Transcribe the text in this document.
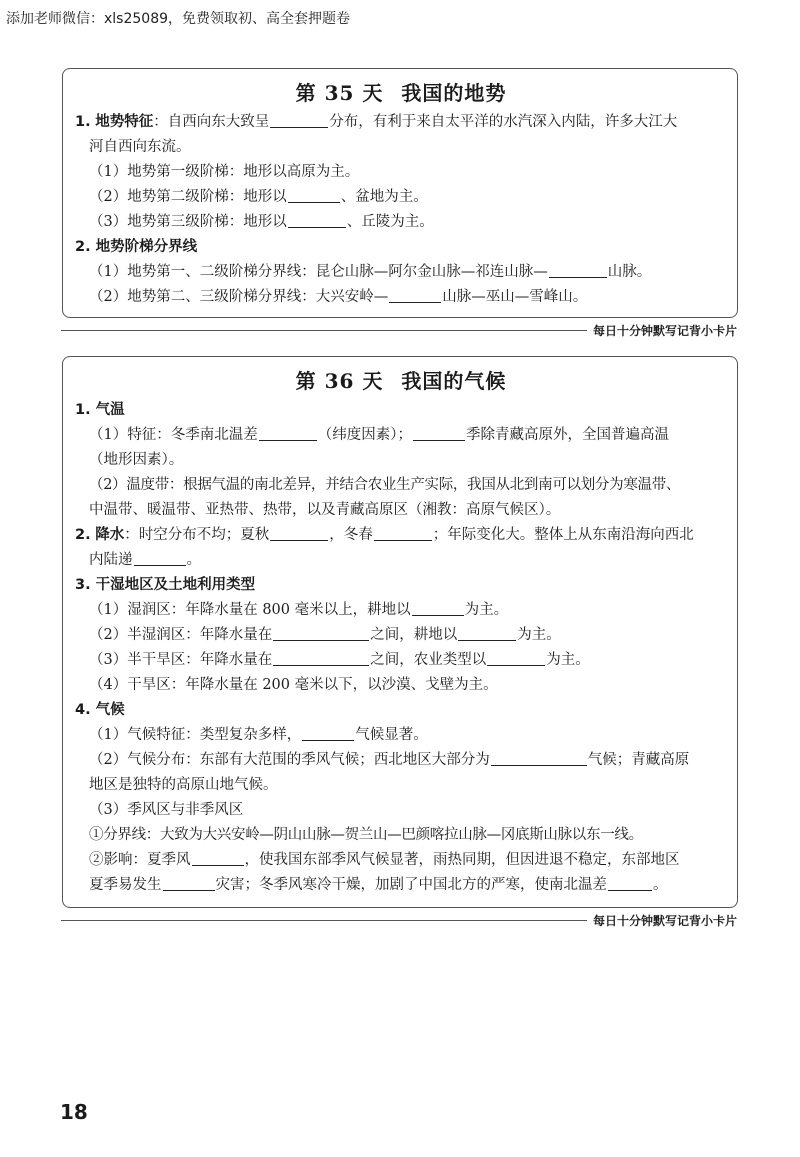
添加老师微信：xls25089，免费领取初、高全套押题卷
第 35 天 我国的地势
1. 地势特征：自西向东大致呈	分布，有利于来自太平洋的水汽深入内陆，许多大江大
河自西向东流。
（1）地势第一级阶梯：地形以高原为主。
（2）地势第二级阶梯：地形以	、盆地为主。
（3）地势第三级阶梯：地形以	、丘陵为主。
2. 地势阶梯分界线
（1）地势第一、二级阶梯分界线：昆仑山脉—阿尔金山脉—祁连山脉—	山脉。
（2）地势第二、三级阶梯分界线：大兴安岭—	山脉—巫山—雪峰山。
每日十分钟默写记背小卡片
第 36 天 我国的气候
1. 气温
（1）特征：冬季南北温差	（纬度因素）；	季除青藏高原外，全国普遍高温
（地形因素）。
（2）温度带：根据气温的南北差异，并结合农业生产实际，我国从北到南可以划分为寒温带、
中温带、暖温带、亚热带、热带，以及青藏高原区（湘教：高原气候区）。
2. 降水：时空分布不均；夏秋	，冬春	；年际变化大。整体上从东南沿海向西北
内陆递	。
3. 干湿地区及土地利用类型
（1）湿润区：年降水量在 800 毫米以上，耕地以	为主。
（2）半湿润区：年降水量在	之间，耕地以	为主。
（3）半干旱区：年降水量在	之间，农业类型以	为主。
（4）干旱区：年降水量在 200 毫米以下，以沙漠、戈壁为主。
4. 气候
（1）气候特征：类型复杂多样，	气候显著。
（2）气候分布：东部有大范围的季风气候；西北地区大部分为	气候；青藏高原
地区是独特的高原山地气候。
（3）季风区与非季风区
①分界线：大致为大兴安岭—阴山山脉—贺兰山—巴颜喀拉山脉—冈底斯山脉以东一线。
②影响：夏季风	，使我国东部季风气候显著，雨热同期，但因进退不稳定，东部地区
夏季易发生	灾害；冬季风寒冷干燥，加剧了中国北方的严寒，使南北温差	。
每日十分钟默写记背小卡片
18
